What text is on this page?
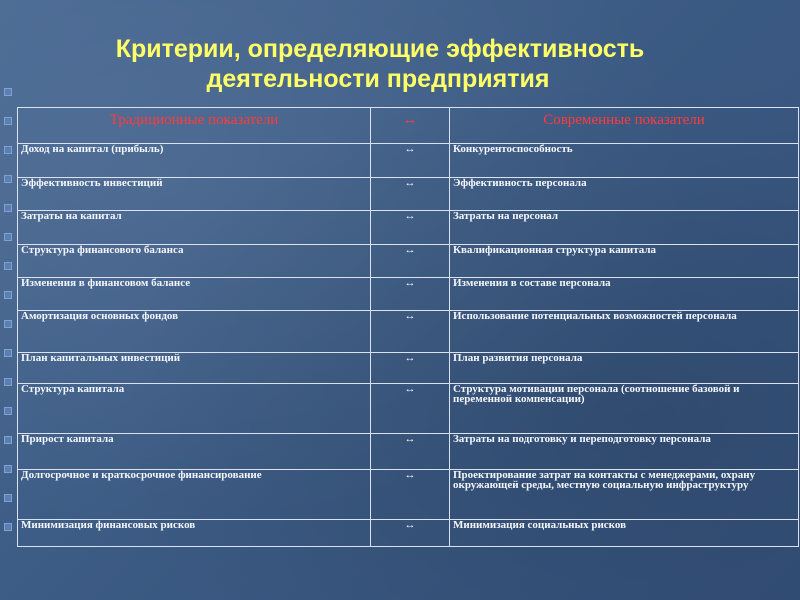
Критерии, определяющие эффективность
деятельности предприятия
Традиционные показатели	↔	Современные показатели
Доход на капитал (прибыль)	↔	Конкурентоспособность
Эффективность инвестиций	↔	Эффективность персонала
Затраты на капитал	↔	Затраты на персонал
Структура финансового баланса	↔	Квалификационная структура капитала
Изменения в финансовом балансе	↔	Изменения в составе персонала
Амортизация основных фондов	↔	Использование потенциальных возможностей персонала
План капитальных инвестиций	↔	План развития персонала
Структура капитала	↔	Структура мотивации персонала (соотношение базовой и переменной компенсации)
Прирост капитала	↔	Затраты на подготовку и переподготовку персонала
Долгосрочное и краткосрочное финансирование	↔	Проектирование затрат на контакты с менеджерами, охрану окружающей среды, местную социальную инфраструктуру
Минимизация финансовых рисков	↔	Минимизация социальных рисков
